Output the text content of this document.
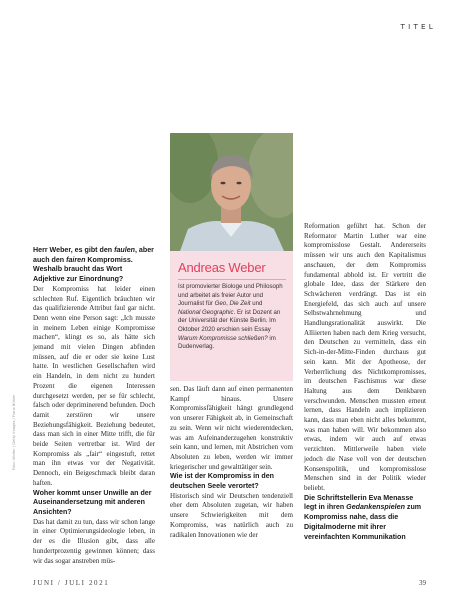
TITEL
Foto: Wolter / Getty Images / Frank Bühler

Herr Weber, es gibt den faulen, aber auch den fairen Kompromiss. Weshalb braucht das Wort Adjektive zur Einordnung?

Der Kompromiss hat leider einen schlechten Ruf. Eigentlich bräuchten wir das qualifizierende Attribut faul gar nicht. Denn wenn eine Person sagt: „Ich musste in meinem Leben einige Kompromisse machen“, klingt es so, als hätte sich jemand mit vielen Dingen abfinden müssen, auf die er oder sie keine Lust hatte. In westlichen Gesellschaften wird ein Handeln, in dem nicht zu hundert Prozent die eigenen Interessen durchgesetzt werden, per se für schlecht, falsch oder depriminerend befunden. Doch damit zerstören wir unsere Beziehungsfähigkeit. Beziehung bedeutet, dass man sich in einer Mitte trifft, die für beide Seiten vertretbar ist. Wird der Kompromiss als „fair“ eingestuft, rettet man ihn etwas vor der Negativität. Dennoch, ein Beigeschmack bleibt daran haften.

Woher kommt unser Unwille an der Auseinandersetzung mit anderen Ansichten?

Das hat damit zu tun, dass wir schon lange in einer Optimierungsideologie leben, in der es die Illusion gibt, dass alle hundertprozentig gewinnen können; dass wir das sogar anstreben müs-

Andreas Weber
Ist promovierter Biologe und Philosoph und arbeitet als freier Autor und Journalist für Geo, Die Zeit und National Geographic. Er ist Dozent an der Universität der Künste Berlin. Im Oktober 2020 erschien sein Essay Warum Kompromisse schließen? im Dudenverlag.

sen. Das läuft dann auf einen permanenten Kampf hinaus. Unsere Kompromissfähigkeit hängt grundlegend von unserer Fähigkeit ab, in Gemeinschaft zu sein. Wenn wir nicht wiederentdecken, was am Aufeinanderzugehen konstruktiv sein kann, und lernen, mit Abstrichen vom Absoluten zu leben, werden wir immer kriegerischer und gewalttätiger sein.

Wie ist der Kompromiss in den deutschen Seele verortet?

Historisch sind wir Deutschen tendenziell eher dem Absoluten zugetan, wir haben unsere Schwierigkeiten mit dem Kompromiss, was natürlich auch zu radikalen Innovationen wie der

Reformation geführt hat. Schon der Reformator Martin Luther war eine kompromisslose Gestalt. Andererseits müssen wir uns auch den Kapitalismus anschauen, der dem Kompromiss fundamental abhold ist. Er vertritt die globale Idee, dass der Stärkere den Schwächeren verdrängt. Das ist ein Energiefeld, das sich auch auf unsere Selbstwahrnehmung und Handlungsrationalität auswirkt. Die Alliierten haben nach dem Krieg versucht, den Deutschen zu vermitteln, dass ein Sich-in-der-Mitte-Finden durchaus gut sein kann. Mit der Apotheose, der Verherrlichung des Nichtkompromisses, im deutschen Faschismus war diese Haltung aus dem Denkbaren verschwunden. Menschen mussten erneut lernen, dass Handeln auch implizieren kann, dass man eben nicht alles bekommt, was man haben will. Wir bekommen also etwas, indem wir auch auf etwas verzichten. Mittlerweile haben viele jedoch die Nase voll von der deutschen Konsenspolitik, und kompromisslose Menschen sind in der Politik wieder beliebt.

Die Schriftstellerin Eva Menasse legt in ihren Gedankenspielen zum Kompromiss nahe, dass die Digitalmoderne mit ihrer vereinfachten Kommunikation

JUNI / JULI 2021	39
